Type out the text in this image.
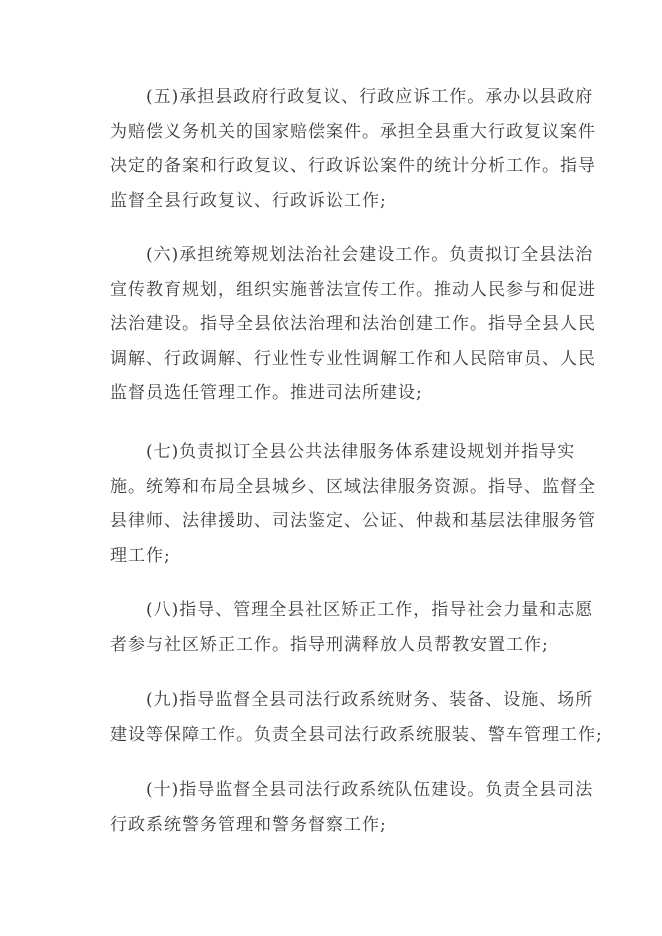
(五)承担县政府行政复议、行政应诉工作。承办以县政府
为赔偿义务机关的国家赔偿案件。承担全县重大行政复议案件
决定的备案和行政复议、行政诉讼案件的统计分析工作。指导
监督全县行政复议、行政诉讼工作;
(六)承担统筹规划法治社会建设工作。负责拟订全县法治
宣传教育规划，组织实施普法宣传工作。推动人民参与和促进
法治建设。指导全县依法治理和法治创建工作。指导全县人民
调解、行政调解、行业性专业性调解工作和人民陪审员、人民
监督员选任管理工作。推进司法所建设;
(七)负责拟订全县公共法律服务体系建设规划并指导实
施。统筹和布局全县城乡、区域法律服务资源。指导、监督全
县律师、法律援助、司法鉴定、公证、仲裁和基层法律服务管
理工作;
(八)指导、管理全县社区矫正工作，指导社会力量和志愿
者参与社区矫正工作。指导刑满释放人员帮教安置工作;
(九)指导监督全县司法行政系统财务、装备、设施、场所
建设等保障工作。负责全县司法行政系统服装、警车管理工作;
(十)指导监督全县司法行政系统队伍建设。负责全县司法
行政系统警务管理和警务督察工作;
